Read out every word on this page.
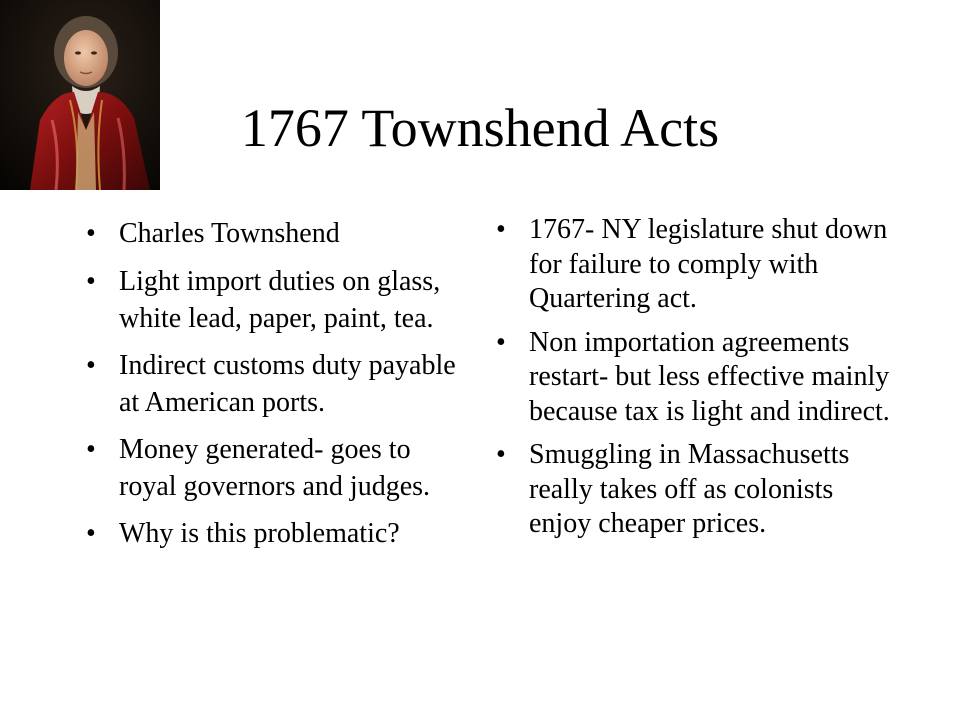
1767 Townshend Acts
• Charles Townshend
• Light import duties on glass, white lead, paper, paint, tea.
• Indirect customs duty payable at American ports.
• Money generated- goes to royal governors and judges.
• Why is this problematic?
• 1767- NY legislature shut down for failure to comply with Quartering act.
• Non importation agreements restart- but less effective mainly because tax is light and indirect.
• Smuggling in Massachusetts really takes off as colonists enjoy cheaper prices.
